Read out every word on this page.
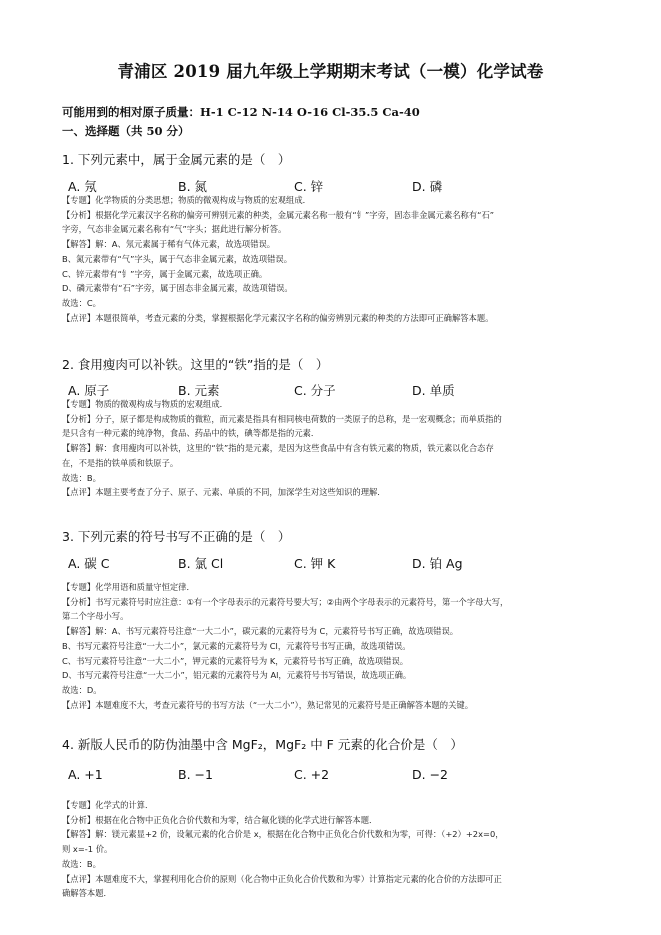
青浦区 2019 届九年级上学期期末考试（一模）化学试卷
可能用到的相对原子质量：H-1 C-12 N-14 O-16 Cl-35.5 Ca-40
一、选择题（共 50 分）
1. 下列元素中，属于金属元素的是（　）
A. 氖	B. 氮	C. 锌	D. 磷

【专题】化学物质的分类思想；物质的微观构成与物质的宏观组成．

【分析】根据化学元素汉字名称的偏旁可辨别元素的种类，金属元素名称一般有“钅”字旁，固态非金属元素名称有“石”

字旁，气态非金属元素名称有“气”字头；据此进行解分析答。

【解答】解：A、氖元素属于稀有气体元素，故选项错误。

B、氮元素带有“气”字头，属于气态非金属元素，故选项错误。

C、锌元素带有“钅”字旁，属于金属元素，故选项正确。

D、磷元素带有“石”字旁，属于固态非金属元素，故选项错误。

故选：C。

【点评】本题很简单，考查元素的分类，掌握根据化学元素汉字名称的偏旁辨别元素的种类的方法即可正确解答本题。

2. 食用瘦肉可以补铁。这里的“铁”指的是（　）
A. 原子	B. 元素	C. 分子	D. 单质

【专题】物质的微观构成与物质的宏观组成．

【分析】分子，原子都是构成物质的微粒，而元素是指具有相同核电荷数的一类原子的总称，是一宏观概念；而单质指的

是只含有一种元素的纯净物，食品、药品中的铁，碘等都是指的元素．

【解答】解：食用瘦肉可以补铁，这里的“铁”指的是元素，是因为这些食品中有含有铁元素的物质，铁元素以化合态存

在，不是指的铁单质和铁原子。

故选：B。

【点评】本题主要考查了分子、原子、元素、单质的不同，加深学生对这些知识的理解．

3. 下列元素的符号书写不正确的是（　）
A. 碳 C	B. 氯 Cl	C. 钾 K	D. 铂 Ag

【专题】化学用语和质量守恒定律．

【分析】书写元素符号时应注意：①有一个字母表示的元素符号要大写；②由两个字母表示的元素符号，第一个字母大写，

第二个字母小写。

【解答】解：A、书写元素符号注意“一大二小”，碳元素的元素符号为 C，元素符号书写正确，故选项错误。

B、书写元素符号注意“一大二小”，氯元素的元素符号为 Cl，元素符号书写正确，故选项错误。

C、书写元素符号注意“一大二小”，钾元素的元素符号为 K，元素符号书写正确，故选项错误。

D、书写元素符号注意“一大二小”，铝元素的元素符号为 Al，元素符号书写错误，故选项正确。

故选：D。

【点评】本题难度不大，考查元素符号的书写方法（“一大二小”），熟记常见的元素符号是正确解答本题的关键。

4. 新版人民币的防伪油墨中含 MgF₂，MgF₂ 中 F 元素的化合价是（　）
A. +1	B. −1	C. +2	D. −2

【专题】化学式的计算．

【分析】根据在化合物中正负化合价代数和为零，结合氟化镁的化学式进行解答本题．

【解答】解：镁元素显+2 价，设氟元素的化合价是 x，根据在化合物中正负化合价代数和为零，可得：（+2）+2x=0，

则 x=-1 价。

故选：B。

【点评】本题难度不大，掌握利用化合价的原则（化合物中正负化合价代数和为零）计算指定元素的化合价的方法即可正

确解答本题．
